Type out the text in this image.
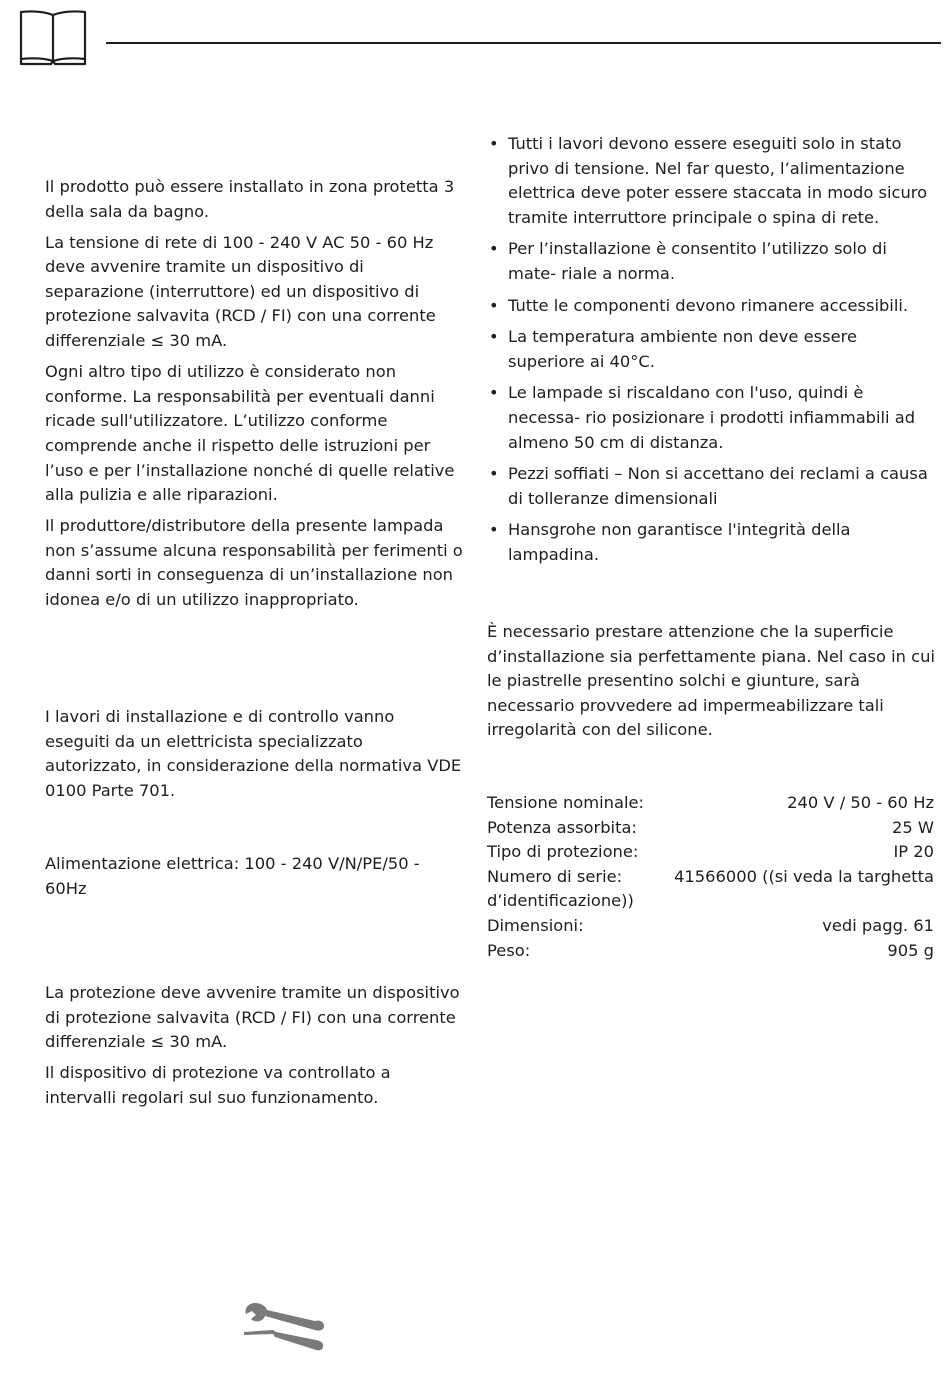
Il prodotto può essere installato in zona protetta 3 della sala da bagno.

La tensione di rete di 100 - 240 V AC 50 - 60 Hz deve avvenire tramite un dispositivo di separazione (interruttore) ed un dispositivo di protezione salvavita (RCD / FI) con una corrente differenziale ≤ 30 mA.

Ogni altro tipo di utilizzo è considerato non conforme. La responsabilità per eventuali danni ricade sull'utilizzatore. L’utilizzo conforme comprende anche il rispetto delle istruzioni per l’uso e per l’installazione nonché di quelle relative alla pulizia e alle riparazioni.

Il produttore/distributore della presente lampada non s’assume alcuna responsabilità per ferimenti o danni sorti in conseguenza di un’installazione non idonea e/o di un utilizzo inappropriato.

I lavori di installazione e di controllo vanno eseguiti da un elettricista specializzato autorizzato, in considerazione della normativa VDE 0100 Parte 701.

Alimentazione elettrica: 100 - 240 V/N/PE/50 - 60Hz

La protezione deve avvenire tramite un dispositivo di protezione salvavita (RCD / FI) con una corrente differenziale ≤ 30 mA.

Il dispositivo di protezione va controllato a intervalli regolari sul suo funzionamento.

• Tutti i lavori devono essere eseguiti solo in stato privo di tensione. Nel far questo, l’alimentazione elettrica deve poter essere staccata in modo sicuro tramite interruttore principale o spina di rete.
• Per l’installazione è consentito l’utilizzo solo di mate- riale a norma.
• Tutte le componenti devono rimanere accessibili.
• La temperatura ambiente non deve essere superiore ai 40°C.
• Le lampade si riscaldano con l'uso, quindi è necessa- rio posizionare i prodotti infiammabili ad almeno 50 cm di distanza.
• Pezzi soffiati – Non si accettano dei reclami a causa di tolleranze dimensionali
• Hansgrohe non garantisce l'integrità della lampadina.

È necessario prestare attenzione che la superficie d’installazione sia perfettamente piana. Nel caso in cui le piastrelle presentino solchi e giunture, sarà necessario provvedere ad impermeabilizzare tali irregolarità con del silicone.

Tensione nominale:	240 V / 50 - 60 Hz
Potenza assorbita:	25 W
Tipo di protezione:	IP 20
Numero di serie:	41566000 ((si veda la targhetta
d’identificazione))	
Dimensioni:	vedi pagg. 61
Peso:	905 g
